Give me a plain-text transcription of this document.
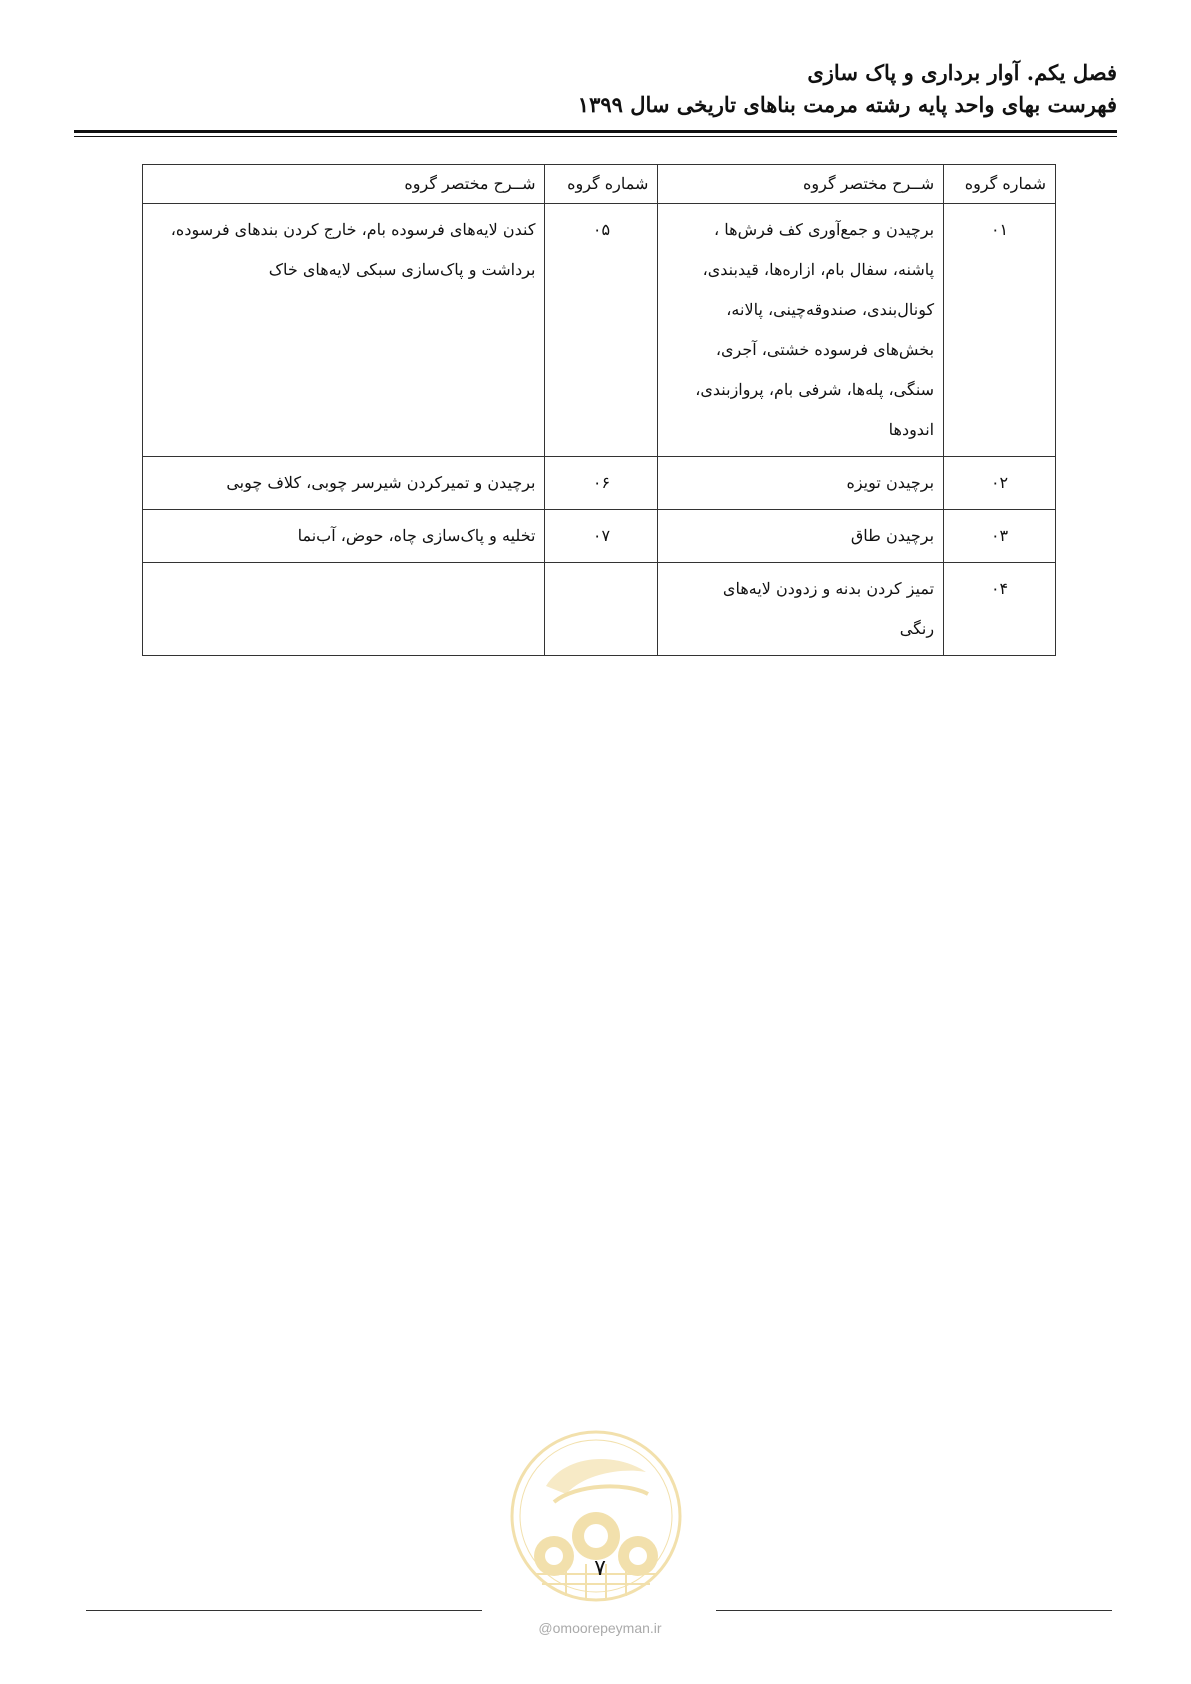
فصل یکم. آوار برداری و پاک سازی
فهرست بهای واحد پایه رشته مرمت بناهای تاریخی سال ۱۳۹۹
شماره گروه	شــرح مختصر گروه	شماره گروه	شــرح مختصر گروه
۰۱	برچیدن و جمع‌آوری کف فرش‌ها ، پاشنه، سفال بام، ازاره‌ها، قیدبندی، کونال‌بندی، صندوقه‌چینی، پالانه، بخش‌های فرسوده خشتی، آجری، سنگی، پله‌ها، شرفی بام، پروازبندی، اندودها	۰۵	کندن لایه‌های فرسوده بام، خارج کردن بندهای فرسوده، برداشت و پاک‌سازی سبکی لایه‌های خاک
۰۲	برچیدن تویزه	۰۶	برچیدن و تمیرکردن شیرسر چوبی، کلاف چوبی
۰۳	برچیدن طاق	۰۷	تخلیه و پاک‌سازی چاه، حوض، آب‌نما
۰۴	تمیز کردن بدنه و زدودن لایه‌های رنگی		
۷
@omoorepeyman.ir
